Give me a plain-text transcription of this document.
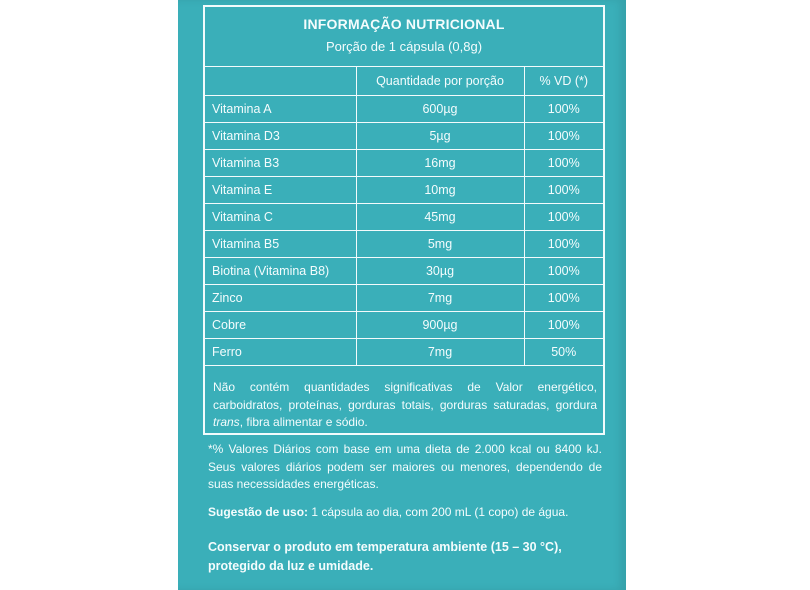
INFORMAÇÃO NUTRICIONAL
Porção de 1 cápsula (0,8g)
	Quantidade por porção	% VD (*)
Vitamina A	600µg	100%
Vitamina D3	5µg	100%
Vitamina B3	16mg	100%
Vitamina E	10mg	100%
Vitamina C	45mg	100%
Vitamina B5	5mg	100%
Biotina (Vitamina B8)	30µg	100%
Zinco	7mg	100%
Cobre	900µg	100%
Ferro	7mg	50%
Não contém quantidades significativas de Valor energético, carboidratos, proteínas, gorduras totais, gorduras saturadas, gordura trans, fibra alimentar e sódio.
*% Valores Diários com base em uma dieta de 2.000 kcal ou 8400 kJ. Seus valores diários podem ser maiores ou menores, dependendo de suas necessidades energéticas.
Sugestão de uso: 1 cápsula ao dia, com 200 mL (1 copo) de água.
Conservar o produto em temperatura ambiente (15 – 30 °C), protegido da luz e umidade.
